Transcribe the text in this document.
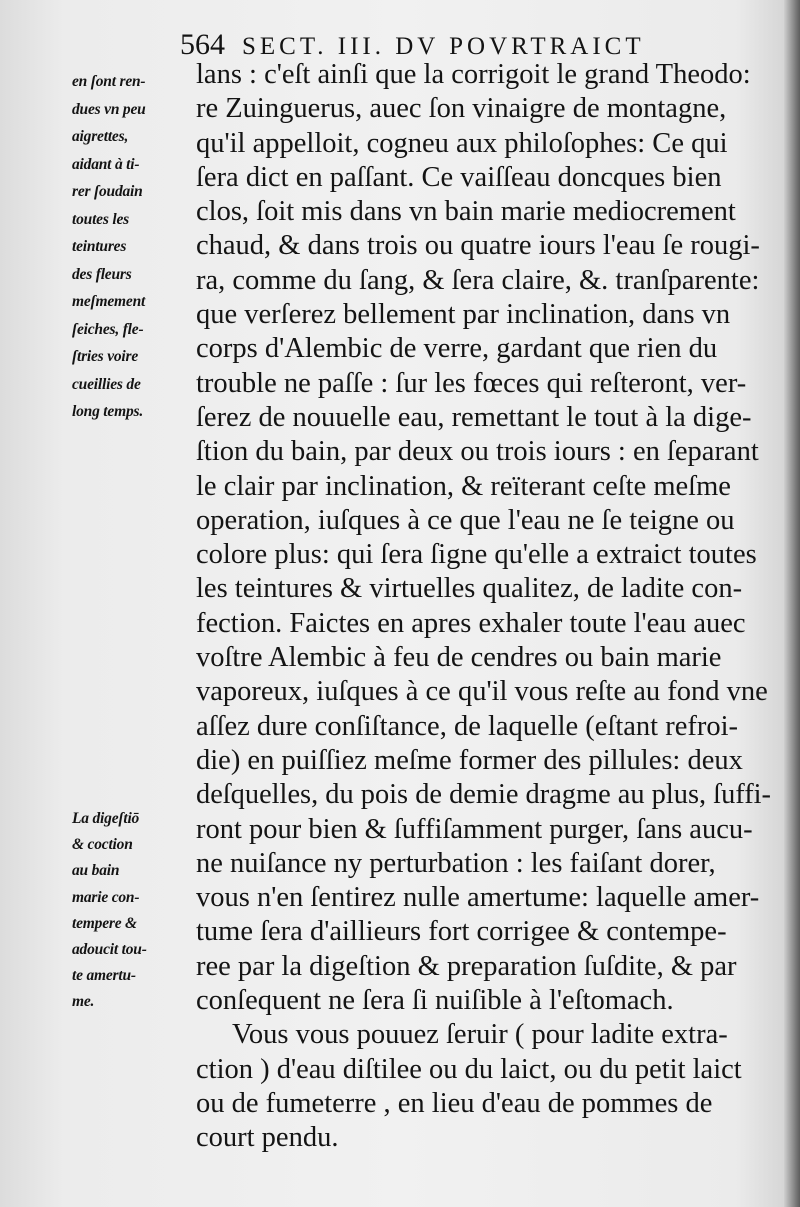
564 SECT. III. DV POVRTRAICT
en ſont ren-
dues vn peu
aigrettes,
aidant à ti-
rer ſoudain
toutes les
teintures
des fleurs
meſmement
ſeiches, fle-
ſtries voire
cueillies de
long temps.
La digeſtiō
& coction
au bain
marie con-
tempere &
adoucit tou-
te amertu-
me.
lans : c'eſt ainſi que la corrigoit le grand Theodo:
re Zuinguerus, auec ſon vinaigre de montagne,
qu'il appelloit, cogneu aux philoſophes: Ce qui
ſera dict en paſſant. Ce vaiſſeau doncques bien
clos, ſoit mis dans vn bain marie mediocrement
chaud, & dans trois ou quatre iours l'eau ſe rougi-
ra, comme du ſang, & ſera claire, &. tranſparente:
que verſerez bellement par inclination, dans vn
corps d'Alembic de verre, gardant que rien du
trouble ne paſſe : ſur les fœces qui reſteront, ver-
ſerez de nouuelle eau, remettant le tout à la dige-
ſtion du bain, par deux ou trois iours : en ſeparant
le clair par inclination, & reïterant ceſte meſme
operation, iuſques à ce que l'eau ne ſe teigne ou
colore plus: qui ſera ſigne qu'elle a extraict toutes
les teintures & virtuelles qualitez, de ladite con-
fection. Faictes en apres exhaler toute l'eau auec
voſtre Alembic à feu de cendres ou bain marie
vaporeux, iuſques à ce qu'il vous reſte au fond vne
aſſez dure conſiſtance, de laquelle (eſtant refroi-
die) en puiſſiez meſme former des pillules: deux
deſquelles, du pois de demie dragme au plus, ſuffi-
ront pour bien & ſuffiſamment purger, ſans aucu-
ne nuiſance ny perturbation : les faiſant dorer,
vous n'en ſentirez nulle amertume: laquelle amer-
tume ſera d'aillieurs fort corrigee & contempe-
ree par la digeſtion & preparation ſuſdite, & par
conſequent ne ſera ſi nuiſible à l'eſtomach.
Vous vous pouuez ſeruir ( pour ladite extra-
ction ) d'eau diſtilee ou du laict, ou du petit laict
ou de fumeterre , en lieu d'eau de pommes de
court pendu.
